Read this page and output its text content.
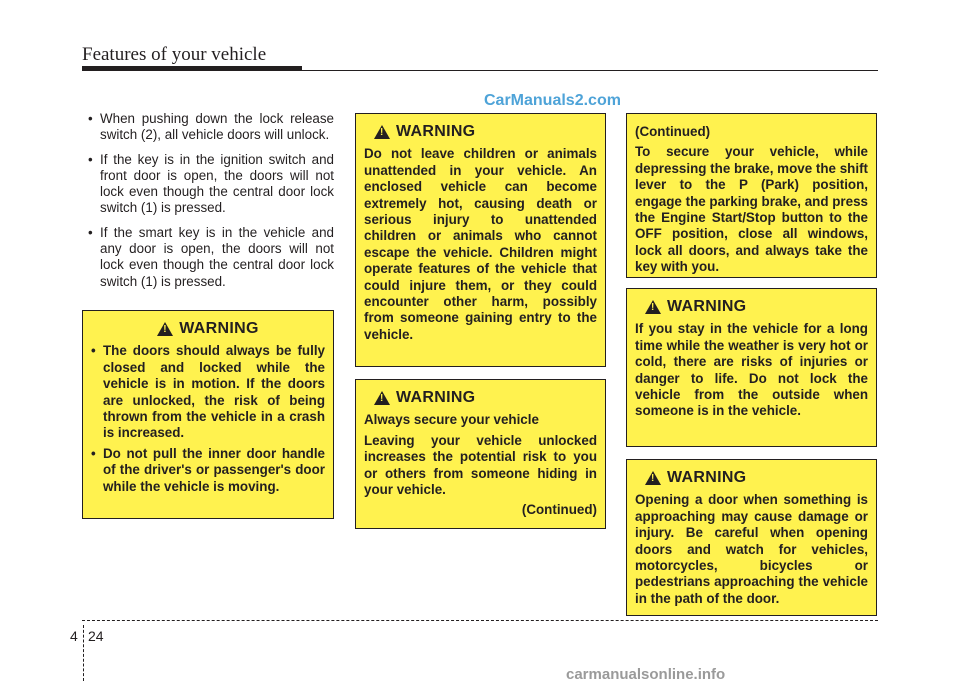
Features of your vehicle
CarManuals2.com
• When pushing down the lock release switch (2), all vehicle doors will unlock.
• If the key is in the ignition switch and front door is open, the doors will not lock even though the central door lock switch (1) is pressed.
• If the smart key is in the vehicle and any door is open, the doors will not lock even though the central door lock switch (1) is pressed.
!
WARNING
• The doors should always be fully closed and locked while the vehicle is in motion. If the doors are unlocked, the risk of being thrown from the vehicle in a crash is increased.
• Do not pull the inner door handle of the driver's or passenger's door while the vehicle is moving.
!
WARNING

Do not leave children or animals unattended in your vehicle. An enclosed vehicle can become extremely hot, causing death or serious injury to unattended children or animals who cannot escape the vehicle. Children might operate features of the vehicle that could injure them, or they could encounter other harm, possibly from someone gaining entry to the vehicle.

!
WARNING

Always secure your vehicle

Leaving your vehicle unlocked increases the potential risk to you or others from someone hiding in your vehicle.

(Continued)

(Continued)

To secure your vehicle, while depressing the brake, move the shift lever to the P (Park) position, engage the parking brake, and press the Engine Start/Stop button to the OFF position, close all windows, lock all doors, and always take the key with you.

!
WARNING

If you stay in the vehicle for a long time while the weather is very hot or cold, there are risks of injuries or danger to life. Do not lock the vehicle from the outside when someone is in the vehicle.

!
WARNING

Opening a door when something is approaching may cause damage or injury. Be careful when opening doors and watch for vehicles, motorcycles, bicycles or pedestrians approaching the vehicle in the path of the door.

4 24
carmanualsonline.info
